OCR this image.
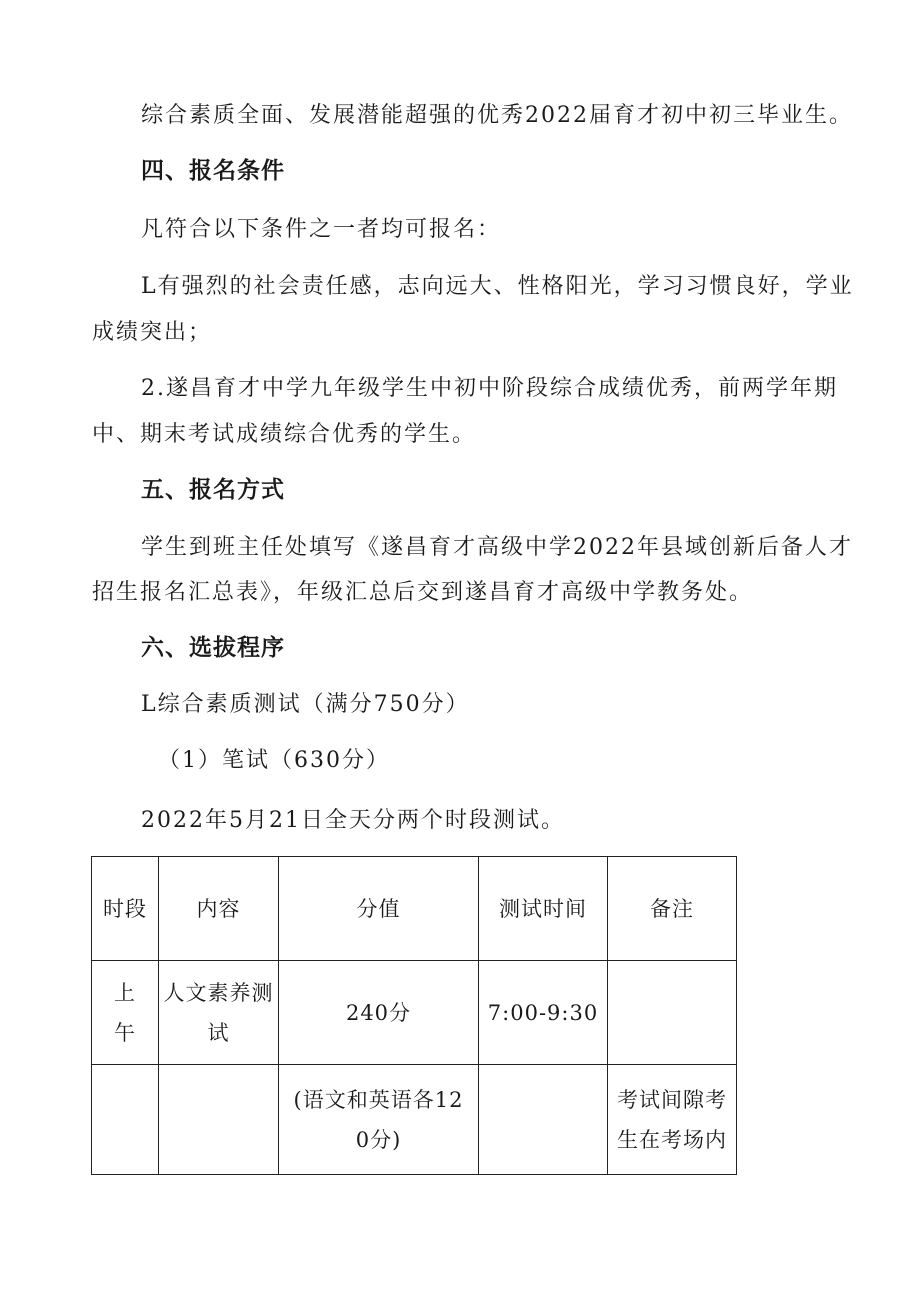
综合素质全面、发展潜能超强的优秀2022届育才初中初三毕业生。
四、报名条件
凡符合以下条件之一者均可报名：
L有强烈的社会责任感，志向远大、性格阳光，学习习惯良好，学业
成绩突出；
2.遂昌育才中学九年级学生中初中阶段综合成绩优秀，前两学年期
中、期末考试成绩综合优秀的学生。
五、报名方式
学生到班主任处填写《遂昌育才高级中学2022年县域创新后备人才
招生报名汇总表》，年级汇总后交到遂昌育才高级中学教务处。
六、选拔程序
L综合素质测试（满分750分）
（1）笔试（630分）
2022年5月21日全天分两个时段测试。
时段	内容	分值	测试时间	备注
上午	人文素养测试	240分	7:00-9:30	
		(语文和英语各120分)		考试间隙考生在考场内
